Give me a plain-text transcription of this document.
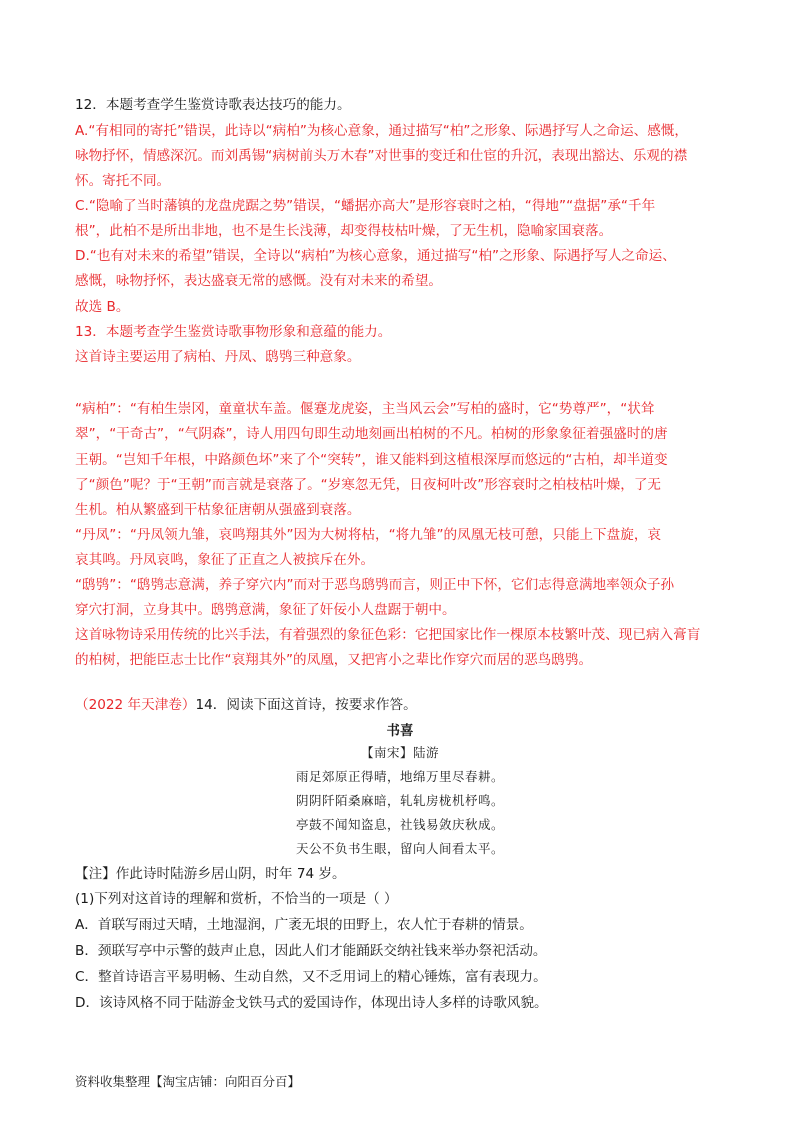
12．本题考查学生鉴赏诗歌表达技巧的能力。
A.“有相同的寄托”错误，此诗以“病柏”为核心意象，通过描写“柏”之形象、际遇抒写人之命运、感慨，
咏物抒怀，情感深沉。而刘禹锡“病树前头万木春”对世事的变迁和仕宦的升沉，表现出豁达、乐观的襟
怀。寄托不同。
C.“隐喻了当时藩镇的龙盘虎踞之势”错误，“蟠据亦高大”是形容衰时之柏，“得地”“盘据”承“千年
根”，此柏不是所出非地，也不是生长浅薄，却变得枝枯叶燥，了无生机，隐喻家国衰落。
D.“也有对未来的希望”错误，全诗以“病柏”为核心意象，通过描写“柏”之形象、际遇抒写人之命运、
感慨，咏物抒怀，表达盛衰无常的感慨。没有对未来的希望。
故选 B。
13．本题考查学生鉴赏诗歌事物形象和意蕴的能力。
这首诗主要运用了病柏、丹凤、鸱鸮三种意象。
“病柏”：“有柏生崇冈，童童状车盖。偃蹇龙虎姿，主当风云会”写柏的盛时，它“势尊严”，“状耸
翠”，“干奇古”，“气阴森”，诗人用四句即生动地刻画出柏树的不凡。柏树的形象象征着强盛时的唐
王朝。“岂知千年根，中路颜色坏”来了个“突转”，谁又能料到这植根深厚而悠远的“古柏，却半道变
了“颜色”呢？于“王朝”而言就是衰落了。“岁寒忽无凭，日夜柯叶改”形容衰时之柏枝枯叶燥，了无
生机。柏从繁盛到干枯象征唐朝从强盛到衰落。
“丹凤”：“丹凤领九雏，哀鸣翔其外”因为大树将枯，“将九雏”的凤凰无枝可憩，只能上下盘旋，哀
哀其鸣。丹凤哀鸣，象征了正直之人被摈斥在外。
“鸱鸮”：“鸱鸮志意满，养子穿穴内”而对于恶鸟鸱鸮而言，则正中下怀，它们志得意满地率领众子孙
穿穴打洞，立身其中。鸱鸮意满，象征了奸佞小人盘踞于朝中。
这首咏物诗采用传统的比兴手法，有着强烈的象征色彩：它把国家比作一棵原本枝繁叶茂、现已病入膏肓
的柏树，把能臣志士比作“哀翔其外”的凤凰，又把宵小之辈比作穿穴而居的恶鸟鸱鸮。
（2022 年天津卷）14．阅读下面这首诗，按要求作答。
书喜
【南宋】陆游
雨足郊原正得晴，地绵万里尽春耕。
阴阴阡陌桑麻暗，轧轧房栊机杼鸣。
亭鼓不闻知盗息，社钱易敛庆秋成。
天公不负书生眼，留向人间看太平。
【注】作此诗时陆游乡居山阴，时年 74 岁。
(1)下列对这首诗的理解和赏析，不恰当的一项是（ ）
A．首联写雨过天晴，土地湿润，广袤无垠的田野上，农人忙于春耕的情景。
B．颈联写亭中示警的鼓声止息，因此人们才能踊跃交纳社钱来举办祭祀活动。
C．整首诗语言平易明畅、生动自然，又不乏用词上的精心锤炼，富有表现力。
D．该诗风格不同于陆游金戈铁马式的爱国诗作，体现出诗人多样的诗歌风貌。
资料收集整理【淘宝店铺：向阳百分百】
